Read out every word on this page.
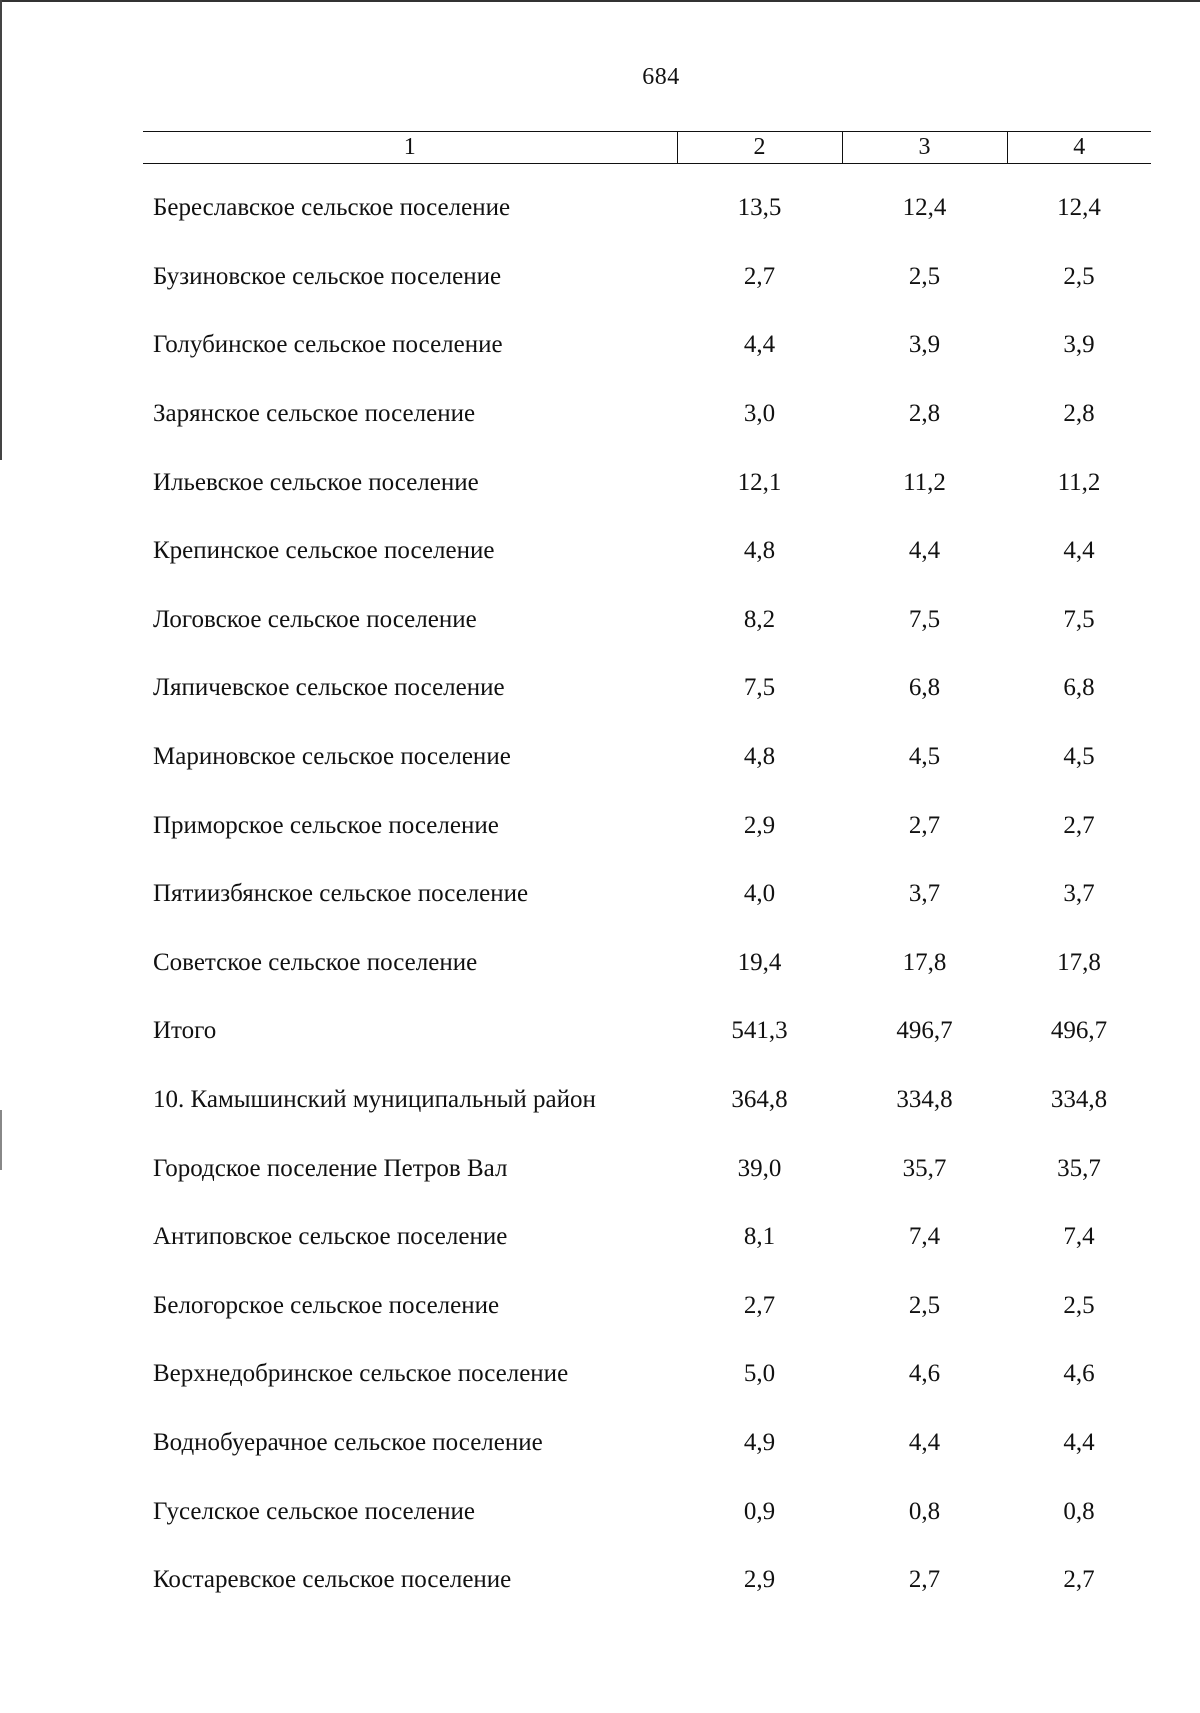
684
1	2	3	4
Береславское сельское поселение	13,5	12,4	12,4
Бузиновское сельское поселение	2,7	2,5	2,5
Голубинское сельское поселение	4,4	3,9	3,9
Зарянское сельское поселение	3,0	2,8	2,8
Ильевское сельское поселение	12,1	11,2	11,2
Крепинское сельское поселение	4,8	4,4	4,4
Логовское сельское поселение	8,2	7,5	7,5
Ляпичевское сельское поселение	7,5	6,8	6,8
Мариновское сельское поселение	4,8	4,5	4,5
Приморское сельское поселение	2,9	2,7	2,7
Пятиизбянское сельское поселение	4,0	3,7	3,7
Советское сельское поселение	19,4	17,8	17,8
Итого	541,3	496,7	496,7
10. Камышинский муниципальный район	364,8	334,8	334,8
Городское поселение Петров Вал	39,0	35,7	35,7
Антиповское сельское поселение	8,1	7,4	7,4
Белогорское сельское поселение	2,7	2,5	2,5
Верхнедобринское сельское поселение	5,0	4,6	4,6
Воднобуерачное сельское поселение	4,9	4,4	4,4
Гуселское сельское поселение	0,9	0,8	0,8
Костаревское сельское поселение	2,9	2,7	2,7
